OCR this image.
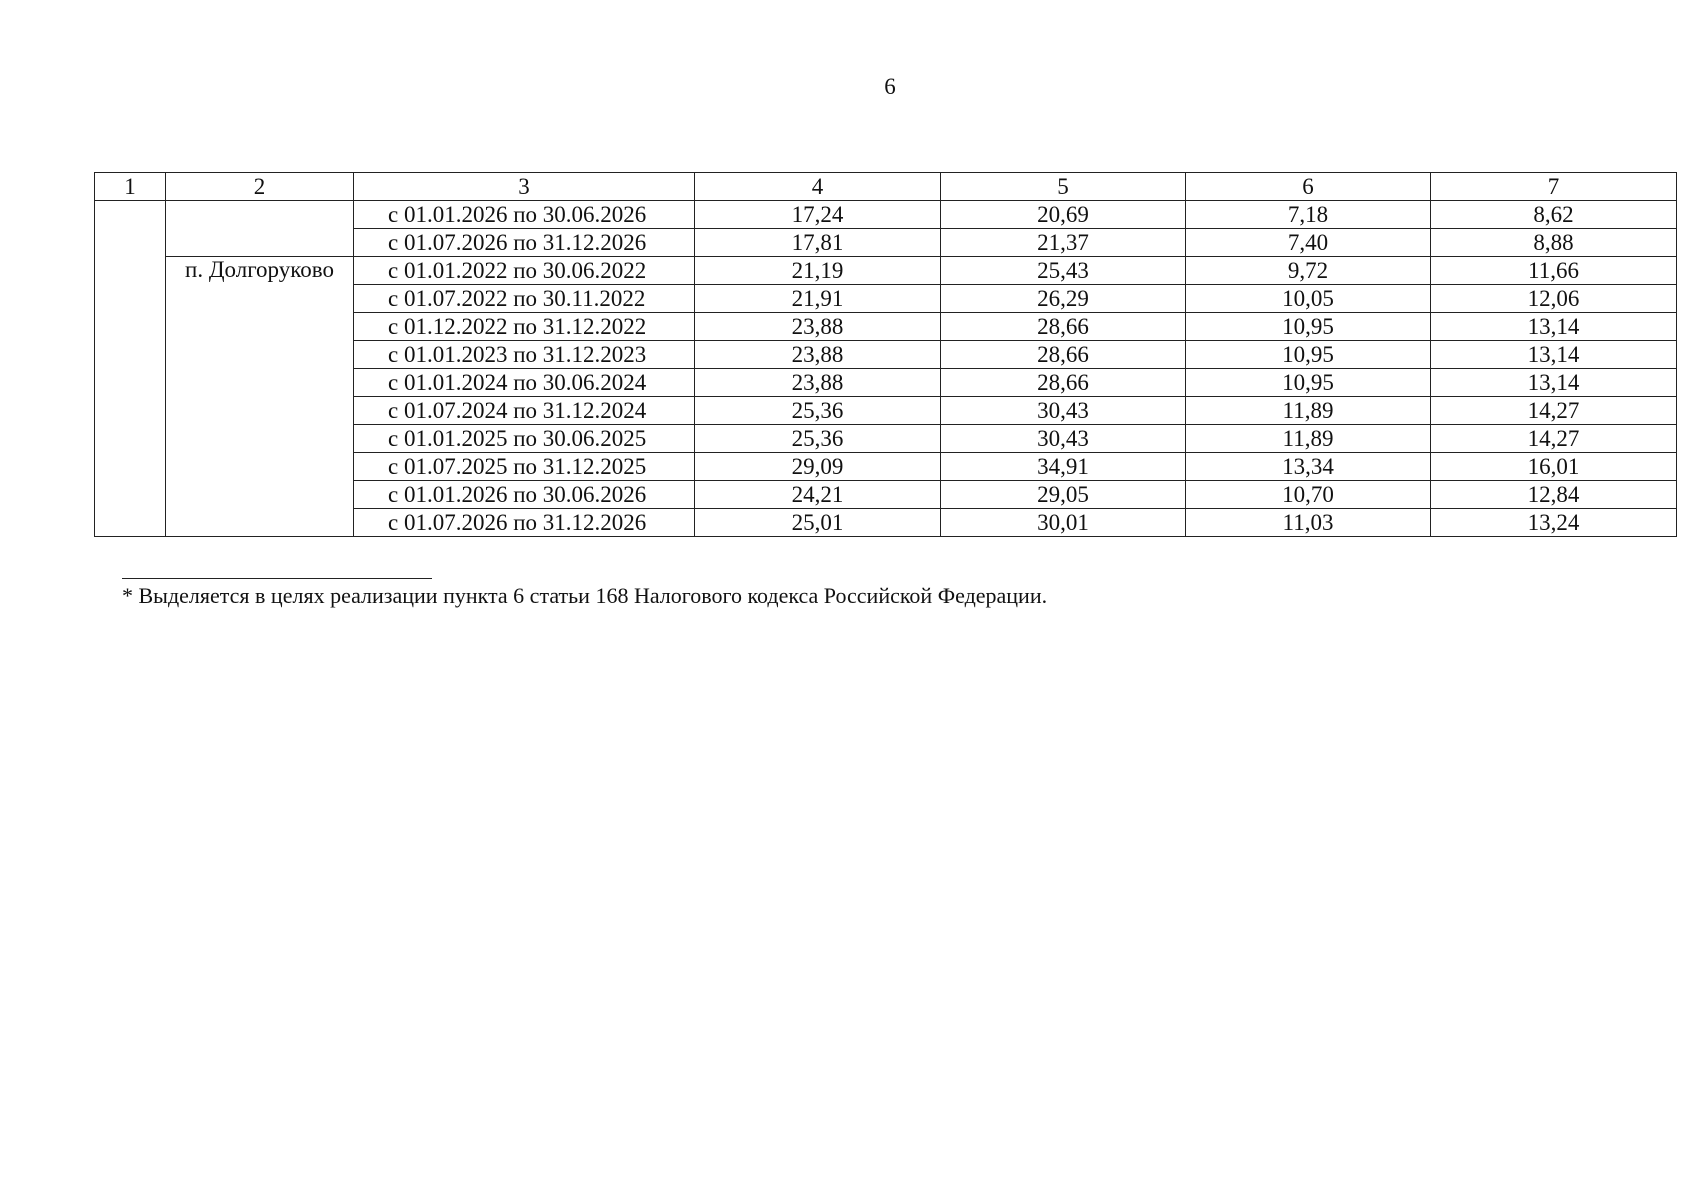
6
1	2	3	4	5	6	7
		с 01.01.2026 по 30.06.2026	17,24	20,69	7,18	8,62
		с 01.07.2026 по 31.12.2026	17,81	21,37	7,40	8,88
	п. Долгоруково	с 01.01.2022 по 30.06.2022	21,19	25,43	9,72	11,66
		с 01.07.2022 по 30.11.2022	21,91	26,29	10,05	12,06
		с 01.12.2022 по 31.12.2022	23,88	28,66	10,95	13,14
		с 01.01.2023 по 31.12.2023	23,88	28,66	10,95	13,14
		с 01.01.2024 по 30.06.2024	23,88	28,66	10,95	13,14
		с 01.07.2024 по 31.12.2024	25,36	30,43	11,89	14,27
		с 01.01.2025 по 30.06.2025	25,36	30,43	11,89	14,27
		с 01.07.2025 по 31.12.2025	29,09	34,91	13,34	16,01
		с 01.01.2026 по 30.06.2026	24,21	29,05	10,70	12,84
		с 01.07.2026 по 31.12.2026	25,01	30,01	11,03	13,24
* Выделяется в целях реализации пункта 6 статьи 168 Налогового кодекса Российской Федерации.
